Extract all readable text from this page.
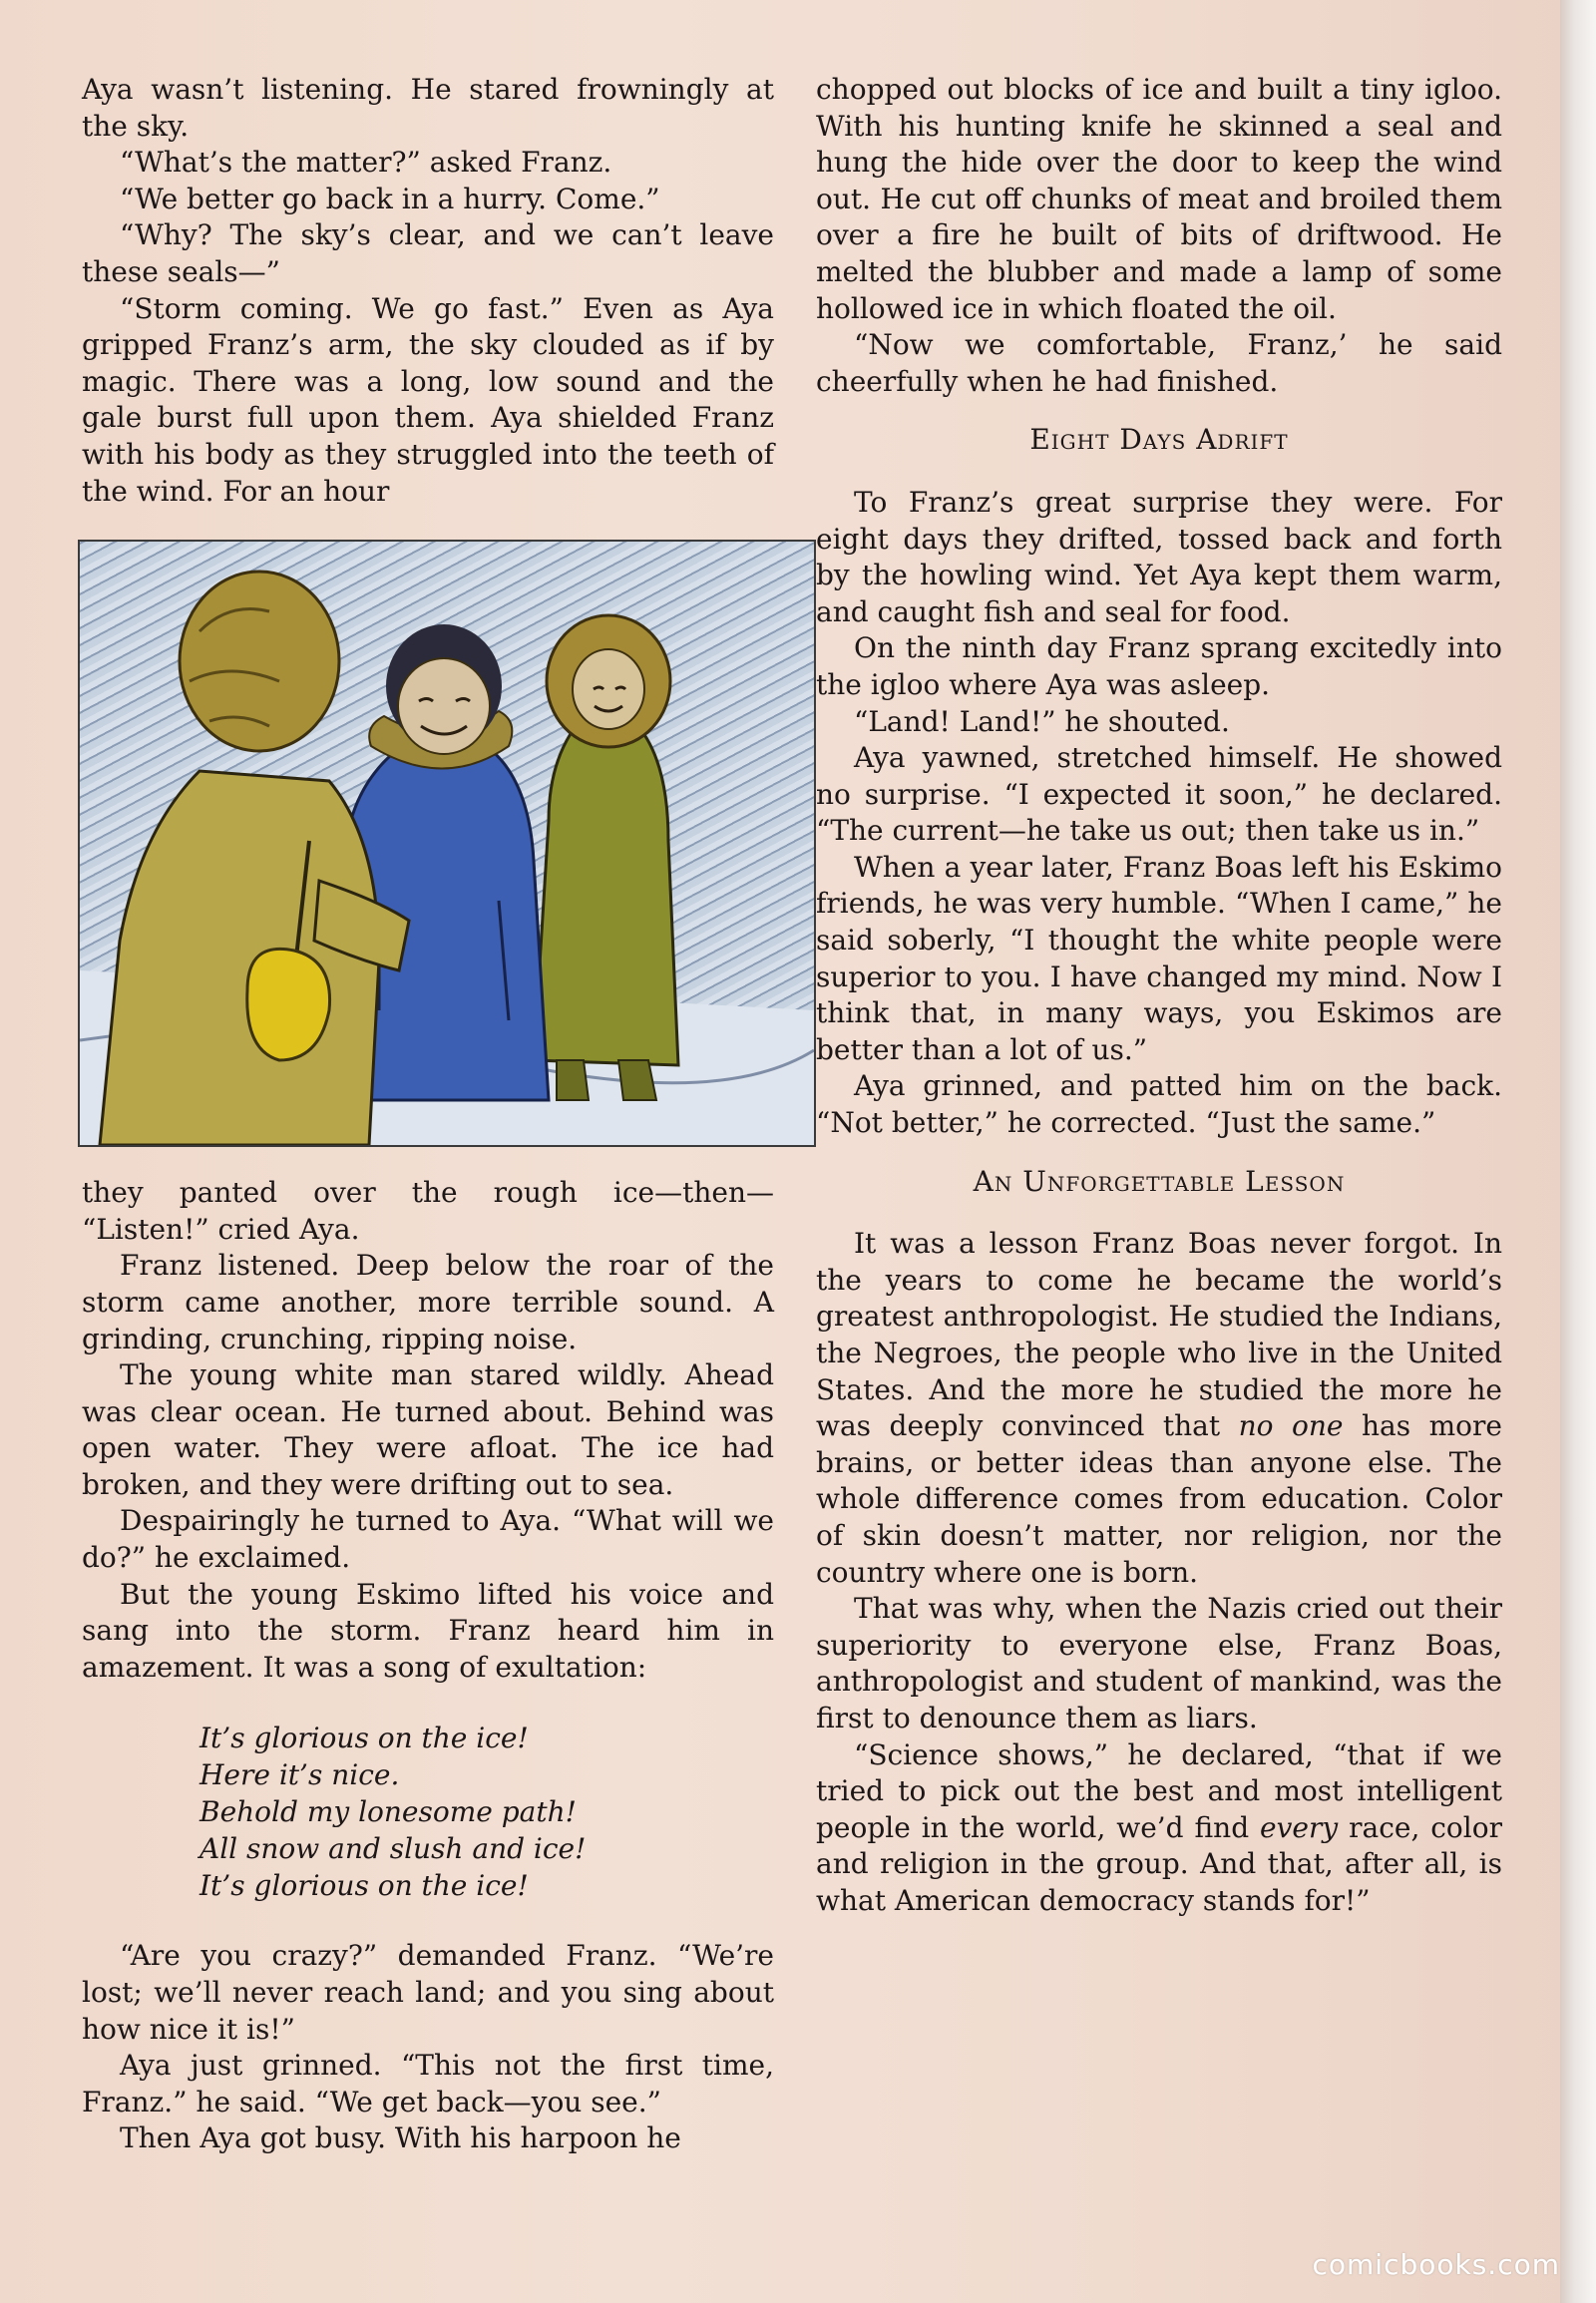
Aya wasn’t listening. He stared frowningly at the sky.

“What’s the matter?” asked Franz.

“We better go back in a hurry. Come.”

“Why? The sky’s clear, and we can’t leave these seals—”

“Storm coming. We go fast.” Even as Aya gripped Franz’s arm, the sky clouded as if by magic. There was a long, low sound and the gale burst full upon them. Aya shielded Franz with his body as they struggled into the teeth of the wind. For an hour

they panted over the rough ice—then— “Listen!” cried Aya.

Franz listened. Deep below the roar of the storm came another, more terrible sound. A grinding, crunching, ripping noise.

The young white man stared wildly. Ahead was clear ocean. He turned about. Behind was open water. They were afloat. The ice had broken, and they were drifting out to sea.

Despairingly he turned to Aya. “What will we do?” he exclaimed.

But the young Eskimo lifted his voice and sang into the storm. Franz heard him in amazement. It was a song of exultation:

It’s glorious on the ice!
Here it’s nice.
Behold my lonesome path!
All snow and slush and ice!
It’s glorious on the ice!

“Are you crazy?” demanded Franz. “We’re lost; we’ll never reach land; and you sing about how nice it is!”

Aya just grinned. “This not the first time, Franz.” he said. “We get back—you see.”

Then Aya got busy. With his harpoon he

chopped out blocks of ice and built a tiny igloo. With his hunting knife he skinned a seal and hung the hide over the door to keep the wind out. He cut off chunks of meat and broiled them over a fire he built of bits of driftwood. He melted the blubber and made a lamp of some hollowed ice in which floated the oil.

“Now we comfortable, Franz,’ he said cheerfully when he had finished.

Eight Days Adrift

To Franz’s great surprise they were. For eight days they drifted, tossed back and forth by the howling wind. Yet Aya kept them warm, and caught fish and seal for food.

On the ninth day Franz sprang excitedly into the igloo where Aya was asleep.

“Land! Land!” he shouted.

Aya yawned, stretched himself. He showed no surprise. “I expected it soon,” he declared. “The current—he take us out; then take us in.”

When a year later, Franz Boas left his Eskimo friends, he was very humble. “When I came,” he said soberly, “I thought the white people were superior to you. I have changed my mind. Now I think that, in many ways, you Eskimos are better than a lot of us.”

Aya grinned, and patted him on the back. “Not better,” he corrected. “Just the same.”

An Unforgettable Lesson

It was a lesson Franz Boas never forgot. In the years to come he became the world’s greatest anthropologist. He studied the Indians, the Negroes, the people who live in the United States. And the more he studied the more he was deeply convinced that no one has more brains, or better ideas than anyone else. The whole difference comes from education. Color of skin doesn’t matter, nor religion, nor the country where one is born.

That was why, when the Nazis cried out their superiority to everyone else, Franz Boas, anthropologist and student of mankind, was the first to denounce them as liars.

“Science shows,” he declared, “that if we tried to pick out the best and most intelligent people in the world, we’d find every race, color and religion in the group. And that, after all, is what American democracy stands for!”

comicbooks.com
